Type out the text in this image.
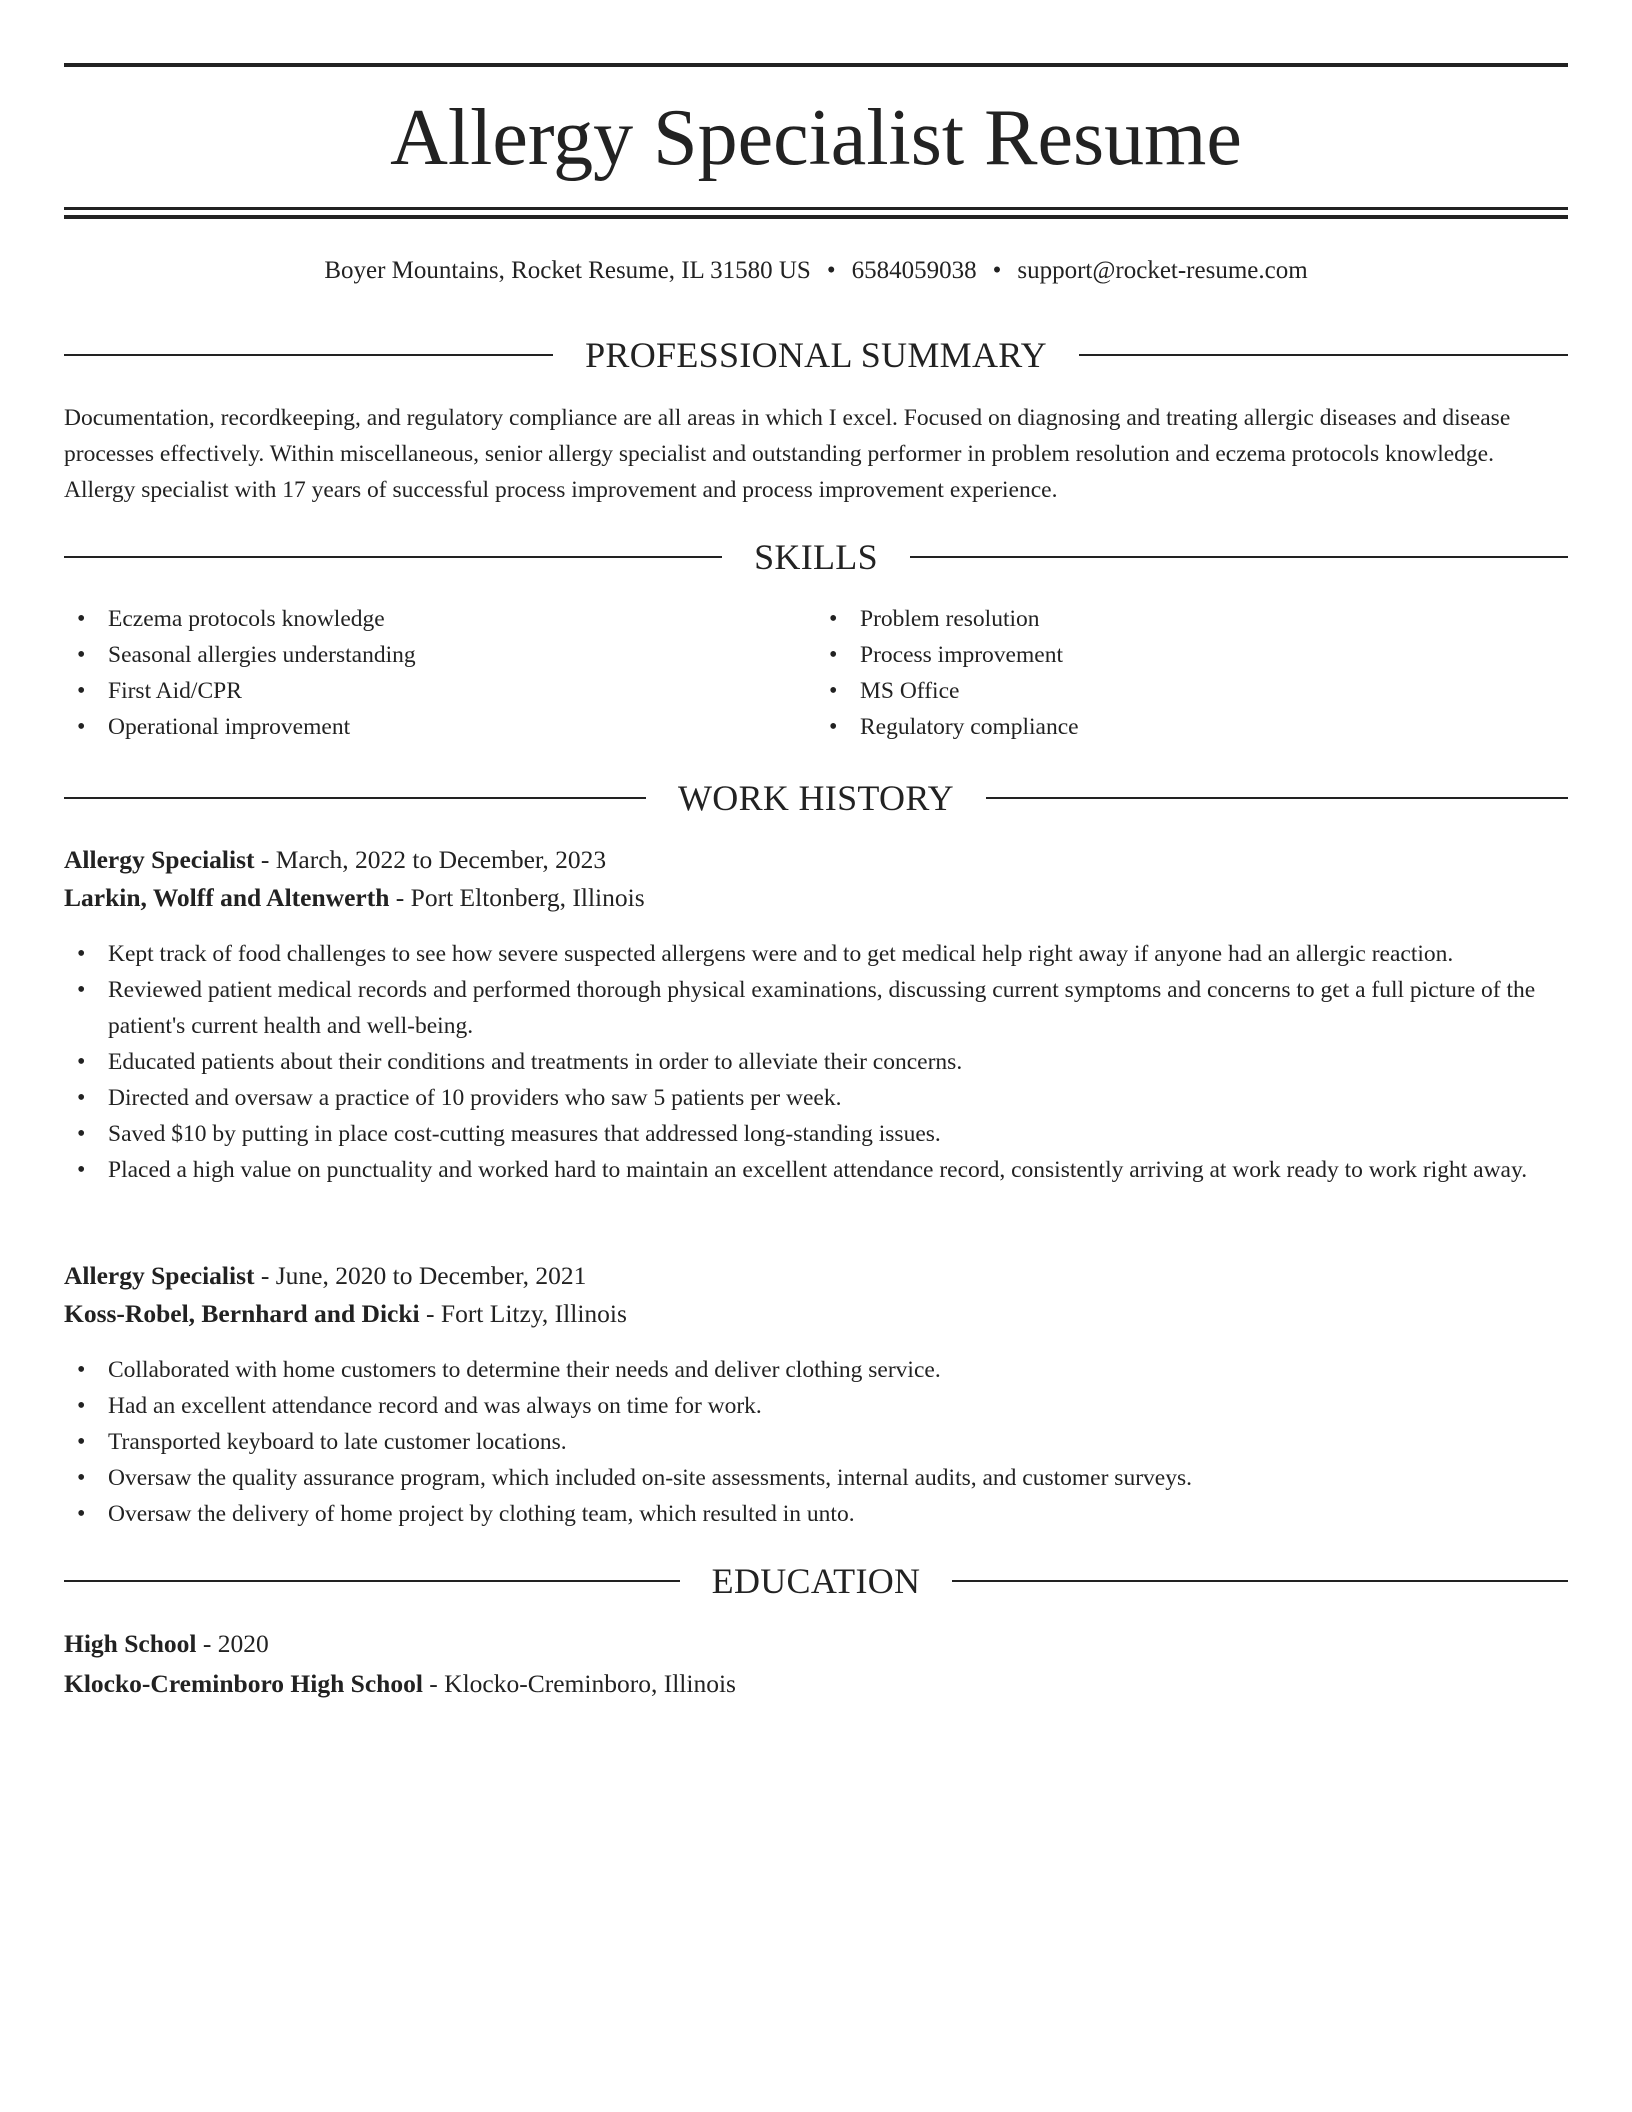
Allergy Specialist Resume
Boyer Mountains, Rocket Resume, IL 31580 US • 6584059038 • support@rocket-resume.com
PROFESSIONAL SUMMARY

Documentation, recordkeeping, and regulatory compliance are all areas in which I excel. Focused on diagnosing and treating allergic diseases and disease processes effectively. Within miscellaneous, senior allergy specialist and outstanding performer in problem resolution and eczema protocols knowledge. Allergy specialist with 17 years of successful process improvement and process improvement experience.

SKILLS
• Eczema protocols knowledge
• Seasonal allergies understanding
• First Aid/CPR
• Operational improvement
• Problem resolution
• Process improvement
• MS Office
• Regulatory compliance
WORK HISTORY
Allergy Specialist - March, 2022 to December, 2023
Larkin, Wolff and Altenwerth - Port Eltonberg, Illinois
• Kept track of food challenges to see how severe suspected allergens were and to get medical help right away if anyone had an allergic reaction.
• Reviewed patient medical records and performed thorough physical examinations, discussing current symptoms and concerns to get a full picture of the patient's current health and well-being.
• Educated patients about their conditions and treatments in order to alleviate their concerns.
• Directed and oversaw a practice of 10 providers who saw 5 patients per week.
• Saved $10 by putting in place cost-cutting measures that addressed long-standing issues.
• Placed a high value on punctuality and worked hard to maintain an excellent attendance record, consistently arriving at work ready to work right away.
Allergy Specialist - June, 2020 to December, 2021
Koss-Robel, Bernhard and Dicki - Fort Litzy, Illinois
• Collaborated with home customers to determine their needs and deliver clothing service.
• Had an excellent attendance record and was always on time for work.
• Transported keyboard to late customer locations.
• Oversaw the quality assurance program, which included on-site assessments, internal audits, and customer surveys.
• Oversaw the delivery of home project by clothing team, which resulted in unto.
EDUCATION
High School - 2020
Klocko-Creminboro High School - Klocko-Creminboro, Illinois
